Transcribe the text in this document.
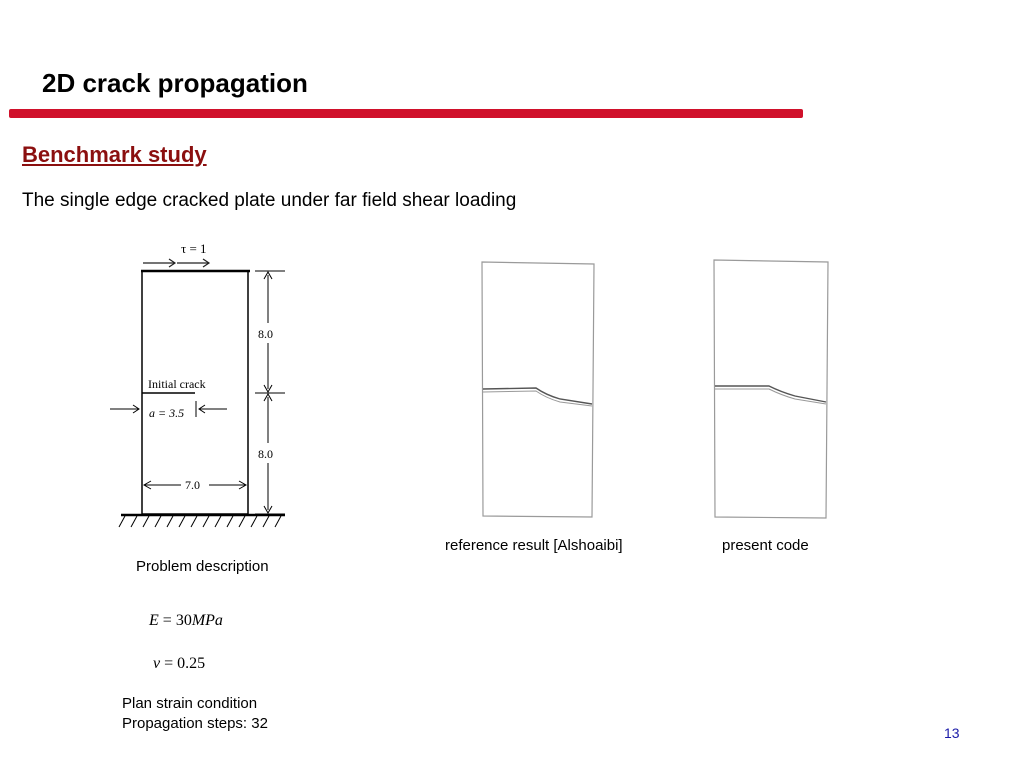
2D crack propagation
Benchmark study
The single edge cracked plate under far field shear loading
τ = 1
Initial crack
a = 3.5
8.0
8.0
7.0
reference result [Alshoaibi]	present code
Problem description
E = 30MPa
v = 0.25
Plan strain condition
Propagation steps: 32
13
